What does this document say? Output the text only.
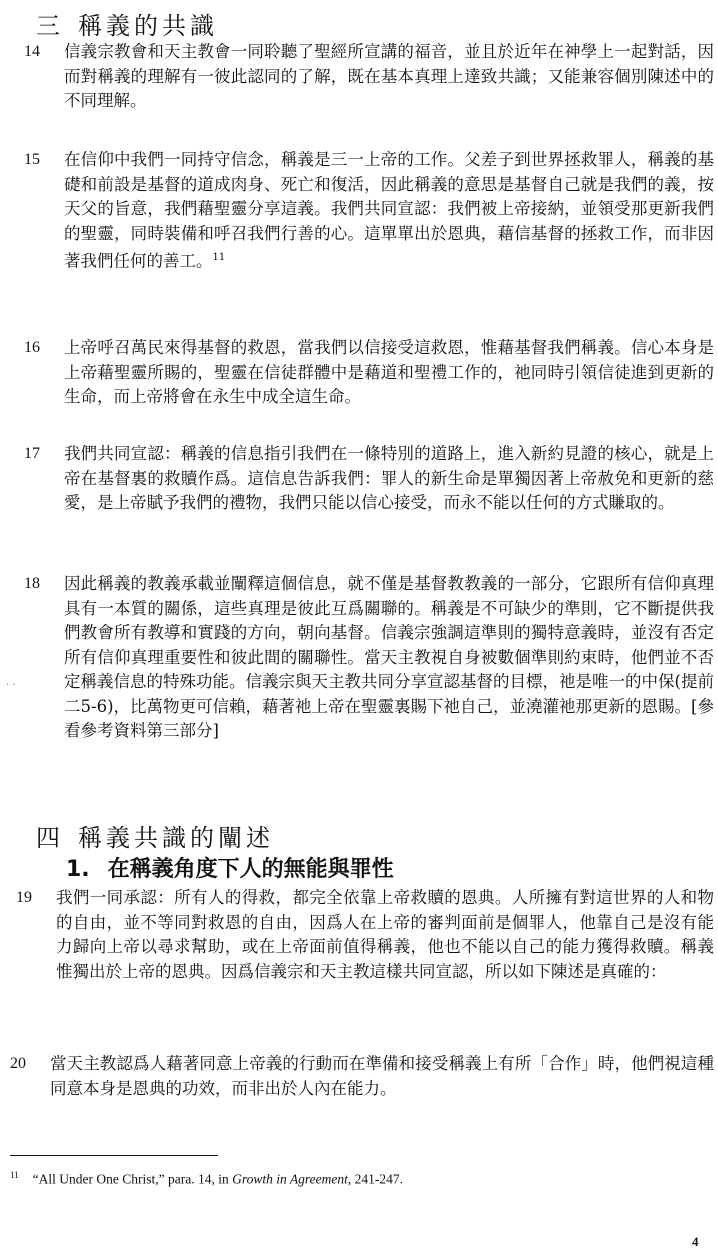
三 稱義的共識
14	信義宗教會和天主教會一同聆聽了聖經所宣講的福音，並且於近年在神學上一起對話，因而對稱義的理解有一彼此認同的了解，既在基本真理上達致共識；又能兼容個別陳述中的不同理解。
15	在信仰中我們一同持守信念，稱義是三一上帝的工作。父差子到世界拯救罪人，稱義的基礎和前設是基督的道成肉身、死亡和復活，因此稱義的意思是基督自己就是我們的義，按天父的旨意，我們藉聖靈分享這義。我們共同宣認：我們被上帝接納，並領受那更新我們的聖靈，同時裝備和呼召我們行善的心。這單單出於恩典，藉信基督的拯救工作，而非因著我們任何的善工。$^{11}$
16	上帝呼召萬民來得基督的救恩，當我們以信接受這救恩，惟藉基督我們稱義。信心本身是上帝藉聖靈所賜的，聖靈在信徒群體中是藉道和聖禮工作的，祂同時引領信徒進到更新的生命，而上帝將會在永生中成全這生命。
17	我們共同宣認：稱義的信息指引我們在一條特別的道路上，進入新約見證的核心，就是上帝在基督裏的救贖作爲。這信息告訴我們：罪人的新生命是單獨因著上帝赦免和更新的慈愛，是上帝賦予我們的禮物，我們只能以信心接受，而永不能以任何的方式賺取的。
18	因此稱義的教義承載並闡釋這個信息，就不僅是基督教教義的一部分，它跟所有信仰真理具有一本質的關係，這些真理是彼此互爲關聯的。稱義是不可缺少的準則，它不斷提供我們教會所有教導和實踐的方向，朝向基督。信義宗強調這準則的獨特意義時，並沒有否定所有信仰真理重要性和彼此間的關聯性。當天主教視自身被數個準則約束時，他們並不否定稱義信息的特殊功能。信義宗與天主教共同分享宣認基督的目標，祂是唯一的中保(提前二5-6)，比萬物更可信賴，藉著祂上帝在聖靈裏賜下祂自己，並澆灌祂那更新的恩賜。[參看參考資料第三部分]
· ·
四 稱義共識的闡述
1. 在稱義角度下人的無能與罪性
19	我們一同承認：所有人的得救，都完全依靠上帝救贖的恩典。人所擁有對這世界的人和物的自由，並不等同對救恩的自由，因爲人在上帝的審判面前是個罪人，他靠自己是沒有能力歸向上帝以尋求幫助，或在上帝面前值得稱義，他也不能以自己的能力獲得救贖。稱義惟獨出於上帝的恩典。因爲信義宗和天主教這樣共同宣認，所以如下陳述是真確的：
20	當天主教認爲人藉著同意上帝義的行動而在準備和接受稱義上有所「合作」時，他們視這種同意本身是恩典的功效，而非出於人內在能力。
$^{11}$ “All Under One Christ,” para. 14, in Growth in Agreement, 241-247.
4
